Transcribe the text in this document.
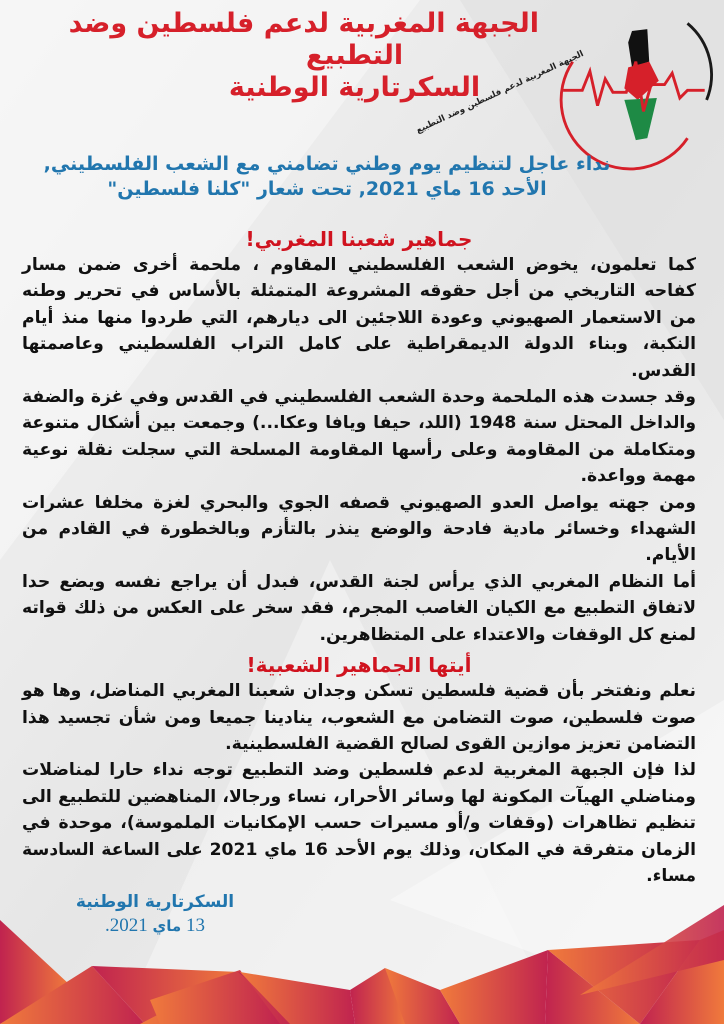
الجبهة المغربية لدعم فلسطين وضد التطبيع
الجبهة المغربية لدعم فلسطين وضد
التطبيع
السكرتارية الوطنية
نداء عاجل لتنظيم يوم وطني تضامني مع الشعب الفلسطيني,
الأحد 16 ماي 2021, تحت شعار "كلنا فلسطين"
جماهير شعبنا المغربي!

كما تعلمون، يخوض الشعب الفلسطيني المقاوم ، ملحمة أخرى ضمن مسار كفاحه التاريخي من أجل حقوقه المشروعة المتمثلة بالأساس في تحرير وطنه من الاستعمار الصهيوني وعودة اللاجئين الى ديارهم، التي طردوا منها منذ أيام النكبة، وبناء الدولة الديمقراطية على كامل التراب الفلسطيني وعاصمتها القدس.

وقد جسدت هذه الملحمة وحدة الشعب الفلسطيني في القدس وفي غزة والضفة والداخل المحتل سنة 1948 (اللد، حيفا ويافا وعكا...) وجمعت بين أشكال متنوعة ومتكاملة من المقاومة وعلى رأسها المقاومة المسلحة التي سجلت نقلة نوعية مهمة وواعدة.

ومن جهته يواصل العدو الصهيوني قصفه الجوي والبحري لغزة مخلفا عشرات الشهداء وخسائر مادية فادحة والوضع ينذر بالتأزم وبالخطورة في القادم من الأيام.

أما النظام المغربي الذي يرأس لجنة القدس، فبدل أن يراجع نفسه ويضع حدا لاتفاق التطبيع مع الكيان الغاصب المجرم، فقد سخر على العكس من ذلك قواته لمنع كل الوقفات والاعتداء على المتظاهرين.

أيتها الجماهير الشعبية!

نعلم ونفتخر بأن قضية فلسطين تسكن وجدان شعبنا المغربي المناضل، وها هو صوت فلسطين، صوت التضامن مع الشعوب، ينادينا جميعا ومن شأن تجسيد هذا التضامن تعزيز موازين القوى لصالح القضية الفلسطينية.

لذا فإن الجبهة المغربية لدعم فلسطين وضد التطبيع توجه نداء حارا لمناضلات ومناضلي الهيآت المكونة لها وسائر الأحرار، نساء ورجالا، المناهضين للتطبيع الى تنظيم تظاهرات (وقفات و/أو مسيرات حسب الإمكانيات الملموسة)، موحدة في الزمان متفرقة في المكان، وذلك يوم الأحد 16 ماي 2021 على الساعة السادسة مساء.

السكرتارية الوطنية
13 ماي 2021.
